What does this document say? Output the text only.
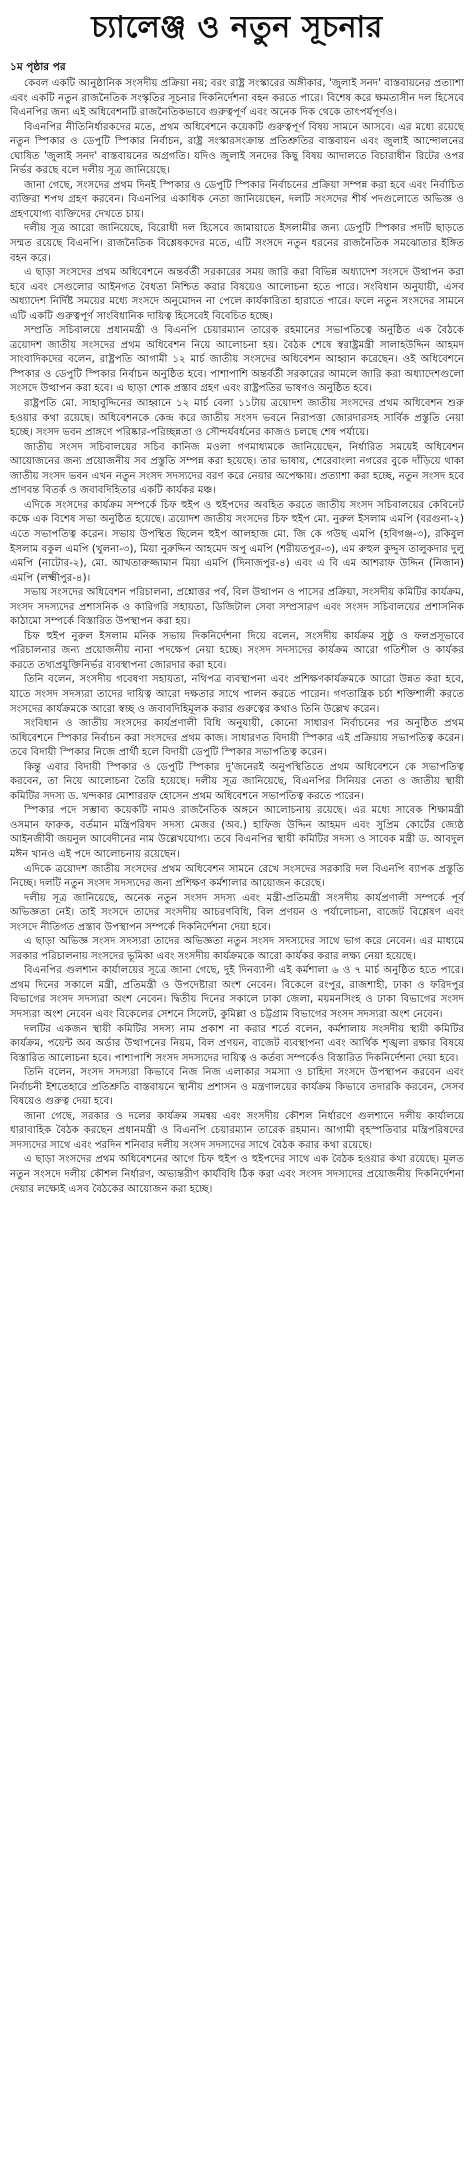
চ্যালেঞ্জ ও নতুন সূচনার
১ম পৃষ্ঠার পর

কেবল একটি আনুষ্ঠানিক সংসদীয় প্রক্রিয়া নয়; বরং রাষ্ট্র সংস্কারের অঙ্গীকার, 'জুলাই সনদ' বাস্তবায়নের প্রত্যাশা এবং একটি নতুন রাজনৈতিক সংস্কৃতির সূচনার দিকনির্দেশনা বহন করতে পারে। বিশেষ করে ক্ষমতাসীন দল হিসেবে বিএনপির জন্য এই অধিবেশনটি রাজনৈতিকভাবে গুরুত্বপূর্ণ এবং অনেক দিক থেকে তাৎপর্যপূর্ণও।

বিএনপির নীতিনির্ধারকদের মতে, প্রথম অধিবেশনে কয়েকটি গুরুত্বপূর্ণ বিষয় সামনে আসবে। এর মধ্যে রয়েছে নতুন স্পিকার ও ডেপুটি স্পিকার নির্বাচন, রাষ্ট্র সংস্কারসংক্রান্ত প্রতিশ্রুতির বাস্তবায়ন এবং জুলাই আন্দোলনের ঘোষিত 'জুলাই সনদ' বাস্তবায়নের অগ্রগতি। যদিও জুলাই সনদের কিছু বিষয় আদালতে বিচারাধীন রিটের ওপর নির্ভর করছে বলে দলীয় সূত্র জানিয়েছে।

জানা গেছে, সংসদের প্রথম দিনই স্পিকার ও ডেপুটি স্পিকার নির্বাচনের প্রক্রিয়া সম্পন্ন করা হবে এবং নির্বাচিত ব্যক্তিরা শপথ গ্রহণ করবেন। বিএনপির একাধিক নেতা জানিয়েছেন, দলটি সংসদের শীর্ষ পদগুলোতে অভিজ্ঞ ও গ্রহণযোগ্য ব্যক্তিদের দেখতে চায়।

দলীয় সূত্র আরো জানিয়েছে, বিরোধী দল হিসেবে জামায়াতে ইসলামীর জন্য ডেপুটি স্পিকার পদটি ছাড়তে সম্মত রয়েছে বিএনপি। রাজনৈতিক বিশ্লেষকদের মতে, এটি সংসদে নতুন ধরনের রাজনৈতিক সমঝোতার ইঙ্গিত বহন করে।

এ ছাড়া সংসদের প্রথম অধিবেশনে অন্তর্বর্তী সরকারের সময় জারি করা বিভিন্ন অধ্যাদেশ সংসদে উত্থাপন করা হবে এবং সেগুলোর আইনগত বৈধতা নিশ্চিত করার বিষয়েও আলোচনা হতে পারে। সংবিধান অনুযায়ী, এসব অধ্যাদেশ নির্দিষ্ট সময়ের মধ্যে সংসদে অনুমোদন না পেলে কার্যকারিতা হারাতে পারে। ফলে নতুন সংসদের সামনে এটি একটি গুরুত্বপূর্ণ সাংবিধানিক দায়িত্ব হিসেবেই বিবেচিত হচ্ছে।

সম্প্রতি সচিবালয়ে প্রধানমন্ত্রী ও বিএনপি চেয়ারম্যান তারেক রহমানের সভাপতিত্বে অনুষ্ঠিত এক বৈঠকে ত্রয়োদশ জাতীয় সংসদের প্রথম অধিবেশন নিয়ে আলোচনা হয়। বৈঠক শেষে স্বরাষ্ট্রমন্ত্রী সালাহউদ্দিন আহমদ সাংবাদিকদের বলেন, রাষ্ট্রপতি আগামী ১২ মার্চ জাতীয় সংসদের অধিবেশন আহ্বান করেছেন। ওই অধিবেশনে স্পিকার ও ডেপুটি স্পিকার নির্বাচন অনুষ্ঠিত হবে। পাশাপাশি অন্তর্বর্তী সরকারের আমলে জারি করা অধ্যাদেশগুলো সংসদে উত্থাপন করা হবে। এ ছাড়া শোক প্রস্তাব গ্রহণ এবং রাষ্ট্রপতির ভাষণও অনুষ্ঠিত হবে।

রাষ্ট্রপতি মো. সাহাবুদ্দিনের আহ্বানে ১২ মার্চ বেলা ১১টায় ত্রয়োদশ জাতীয় সংসদের প্রথম অধিবেশন শুরু হওয়ার কথা রয়েছে। অধিবেশনকে কেন্দ্র করে জাতীয় সংসদ ভবনে নিরাপত্তা জোরদারসহ সার্বিক প্রস্তুতি নেয়া হচ্ছে। সংসদ ভবন প্রাঙ্গণে পরিষ্কার-পরিচ্ছন্নতা ও সৌন্দর্যবর্ধনের কাজও চলছে শেষ পর্যায়ে।

জাতীয় সংসদ সচিবালয়ের সচিব কানিজ মওলা গণমাধ্যমকে জানিয়েছেন, নির্ধারিত সময়েই অধিবেশন আয়োজনের জন্য প্রয়োজনীয় সব প্রস্তুতি সম্পন্ন করা হয়েছে। তার ভাষায়, শেরেবাংলা নগরের বুকে দাঁড়িয়ে থাকা জাতীয় সংসদ ভবন এখন নতুন সংসদ সদস্যদের বরণ করে নেয়ার অপেক্ষায়। প্রত্যাশা করা হচ্ছে, নতুন সংসদ হবে প্রাণবন্ত বিতর্ক ও জবাবদিহিতার একটি কার্যকর মঞ্চ।

এদিকে সংসদের কার্যক্রম সম্পর্কে চিফ হুইপ ও হুইপদের অবহিত করতে জাতীয় সংসদ সচিবালয়ের কেবিনেট কক্ষে এক বিশেষ সভা অনুষ্ঠিত হয়েছে। ত্রয়োদশ জাতীয় সংসদের চিফ হুইপ মো. নুরুল ইসলাম এমপি (বরগুনা-২) এতে সভাপতিত্ব করেন। সভায় উপস্থিত ছিলেন হুইপ আলহাজ মো. জি কে গউছ এমপি (হবিগঞ্জ-৩), রকিবুল ইসলাম বকুল এমপি (খুলনা-৩), মিয়া নুরুদ্দিন আহমেদ অপু এমপি (শরীয়তপুর-৩), এম রুহুল কুদ্দুস তালুকদার দুলু এমপি (নাটোর-২), মো. আখতারুজ্জামান মিয়া এমপি (দিনাজপুর-৪) এবং এ বি এম আশরাফ উদ্দিন (নিজান) এমপি (লক্ষ্মীপুর-৪)।

সভায় সংসদের অধিবেশন পরিচালনা, প্রশ্নোত্তর পর্ব, বিল উত্থাপন ও পাসের প্রক্রিয়া, সংসদীয় কমিটির কার্যক্রম, সংসদ সদস্যদের প্রশাসনিক ও কারিগরি সহায়তা, ডিজিটাল সেবা সম্প্রসারণ এবং সংসদ সচিবালয়ের প্রশাসনিক কাঠামো সম্পর্কে বিস্তারিত উপস্থাপন করা হয়।

চিফ হুইপ নুরুল ইসলাম মনিক সভায় দিকনির্দেশনা দিয়ে বলেন, সংসদীয় কার্যক্রম সুষ্ঠু ও ফলপ্রসূভাবে পরিচালনার জন্য প্রয়োজনীয় নানা পদক্ষেপ নেয়া হচ্ছে। সংসদ সদস্যদের কার্যক্রম আরো গতিশীল ও কার্যকর করতে তথ্যপ্রযুক্তিনির্ভর ব্যবস্থাপনা জোরদার করা হবে।

তিনি বলেন, সংসদীয় গবেষণা সহায়তা, নথিপত্র ব্যবস্থাপনা এবং প্রশিক্ষণকার্যক্রমকে আরো উন্নত করা হবে, যাতে সংসদ সদস্যরা তাদের দায়িত্ব আরো দক্ষতার সাথে পালন করতে পারেন। গণতান্ত্রিক চর্চা শক্তিশালী করতে সংসদের কার্যক্রমকে আরো স্বচ্ছ ও জবাবদিহিমূলক করার গুরুত্বের কথাও তিনি উল্লেখ করেন।

সংবিধান ও জাতীয় সংসদের কার্যপ্রণালী বিধি অনুযায়ী, কোনো সাধারণ নির্বাচনের পর অনুষ্ঠিত প্রথম অধিবেশনে স্পিকার নির্বাচন করা সংসদের প্রথম কাজ। সাধারণত বিদায়ী স্পিকার এই প্রক্রিয়ায় সভাপতিত্ব করেন। তবে বিদায়ী স্পিকার নিজে প্রার্থী হলে বিদায়ী ডেপুটি স্পিকার সভাপতিত্ব করেন।

কিন্তু এবার বিদায়ী স্পিকার ও ডেপুটি স্পিকার দু'জনেরই অনুপস্থিতিতে প্রথম অধিবেশনে কে সভাপতিত্ব করবেন, তা নিয়ে আলোচনা তৈরি হয়েছে। দলীয় সূত্র জানিয়েছে, বিএনপির সিনিয়র নেতা ও জাতীয় স্থায়ী কমিটির সদস্য ড. খন্দকার মোশাররফ হোসেন প্রথম অধিবেশনে সভাপতিত্ব করতে পারেন।

স্পিকার পদে সম্ভাব্য কয়েকটি নামও রাজনৈতিক অঙ্গনে আলোচনায় রয়েছে। এর মধ্যে সাবেক শিক্ষামন্ত্রী ওসমান ফারুক, বর্তমান মন্ত্রিপরিষদ সদস্য মেজর (অব.) হাফিজ উদ্দিন আহমদ এবং সুপ্রিম কোর্টের জ্যেষ্ঠ আইনজীবী জয়নুল আবেদীনের নাম উল্লেখযোগ্য। তবে বিএনপির স্থায়ী কমিটির সদস্য ও সাবেক মন্ত্রী ড. আবদুল মঈন খানও এই পদে আলোচনায় রয়েছেন।

এদিকে ত্রয়োদশ জাতীয় সংসদের প্রথম অধিবেশন সামনে রেখে সংসদের সরকারি দল বিএনপি ব্যাপক প্রস্তুতি নিচ্ছে। দলটি নতুন সংসদ সদস্যদের জন্য প্রশিক্ষণ কর্মশালার আয়োজন করেছে।

দলীয় সূত্র জানিয়েছে, অনেক নতুন সংসদ সদস্য এবং মন্ত্রী-প্রতিমন্ত্রী সংসদীয় কার্যপ্রণালী সম্পর্কে পূর্ব অভিজ্ঞতা নেই। তাই সংসদে তাদের সংসদীয় আচরণবিধি, বিল প্রণয়ন ও পর্যালোচনা, বাজেট বিশ্লেষণ এবং সংসদে নীতিগত প্রস্তাব উপস্থাপন সম্পর্কে দিকনির্দেশনা দেয়া হবে।

এ ছাড়া অভিজ্ঞ সংসদ সদস্যরা তাদের অভিজ্ঞতা নতুন সংসদ সদস্যদের সাথে ভাগ করে নেবেন। এর মাধ্যমে সরকার পরিচালনায় সংসদের ভূমিকা এবং সংসদীয় কার্যক্রমকে আরো কার্যকর করার লক্ষ্য নেয়া হয়েছে।

বিএনপির গুলশান কার্যালয়ের সূত্রে জানা গেছে, দুই দিনব্যাপী এই কর্মশালা ৬ ও ৭ মার্চ অনুষ্ঠিত হতে পারে। প্রথম দিনের সকালে মন্ত্রী, প্রতিমন্ত্রী ও উপদেষ্টারা অংশ নেবেন। বিকেলে রংপুর, রাজশাহী, ঢাকা ও ফরিদপুর বিভাগের সংসদ সদস্যরা অংশ নেবেন। দ্বিতীয় দিনের সকালে ঢাকা জেলা, ময়মনসিংহ ও ঢাকা বিভাগের সংসদ সদস্যরা অংশ নেবেন এবং বিকেলের সেশনে সিলেট, কুমিল্লা ও চট্টগ্রাম বিভাগের সংসদ সদস্যরা অংশ নেবেন।

দলটির একজন স্থায়ী কমিটির সদস্য নাম প্রকাশ না করার শর্তে বলেন, কর্মশালায় সংসদীয় স্থায়ী কমিটির কার্যক্রম, পয়েন্ট অব অর্ডার উত্থাপনের নিয়ম, বিল প্রণয়ন, বাজেট ব্যবস্থাপনা এবং আর্থিক শৃঙ্খলা রক্ষার বিষয়ে বিস্তারিত আলোচনা হবে। পাশাপাশি সংসদ সদস্যদের দায়িত্ব ও কর্তব্য সম্পর্কেও বিস্তারিত দিকনির্দেশনা দেয়া হবে।

তিনি বলেন, সংসদ সদস্যরা কিভাবে নিজ নিজ এলাকার সমস্যা ও চাহিদা সংসদে উপস্থাপন করবেন এবং নির্বাচনী ইশতেহারে প্রতিশ্রুতি বাস্তবায়নে স্থানীয় প্রশাসন ও মন্ত্রণালয়ের কার্যক্রম কিভাবে তদারকি করবেন, সেসব বিষয়েও গুরুত্ব দেয়া হবে।

জানা গেছে, সরকার ও দলের কার্যক্রম সমন্বয় এবং সংসদীয় কৌশল নির্ধারণে গুলশানে দলীয় কার্যালয়ে ধারাবাহিক বৈঠক করছেন প্রধানমন্ত্রী ও বিএনপি চেয়ারম্যান তারেক রহমান। আগামী বৃহস্পতিবার মন্ত্রিপরিষদের সদস্যদের সাথে এবং পরদিন শনিবার দলীয় সংসদ সদস্যদের সাথে বৈঠক করার কথা রয়েছে।

এ ছাড়া সংসদের প্রথম অধিবেশনের আগে চিফ হুইপ ও হুইপদের সাথে এক বৈঠক হওয়ার কথা রয়েছে। মূলত নতুন সংসদে দলীয় কৌশল নির্ধারণ, অভ্যন্তরীণ কার্যবিধি ঠিক করা এবং সংসদ সদস্যদের প্রয়োজনীয় দিকনির্দেশনা দেয়ার লক্ষ্যেই এসব বৈঠকের আয়োজন করা হচ্ছে।
